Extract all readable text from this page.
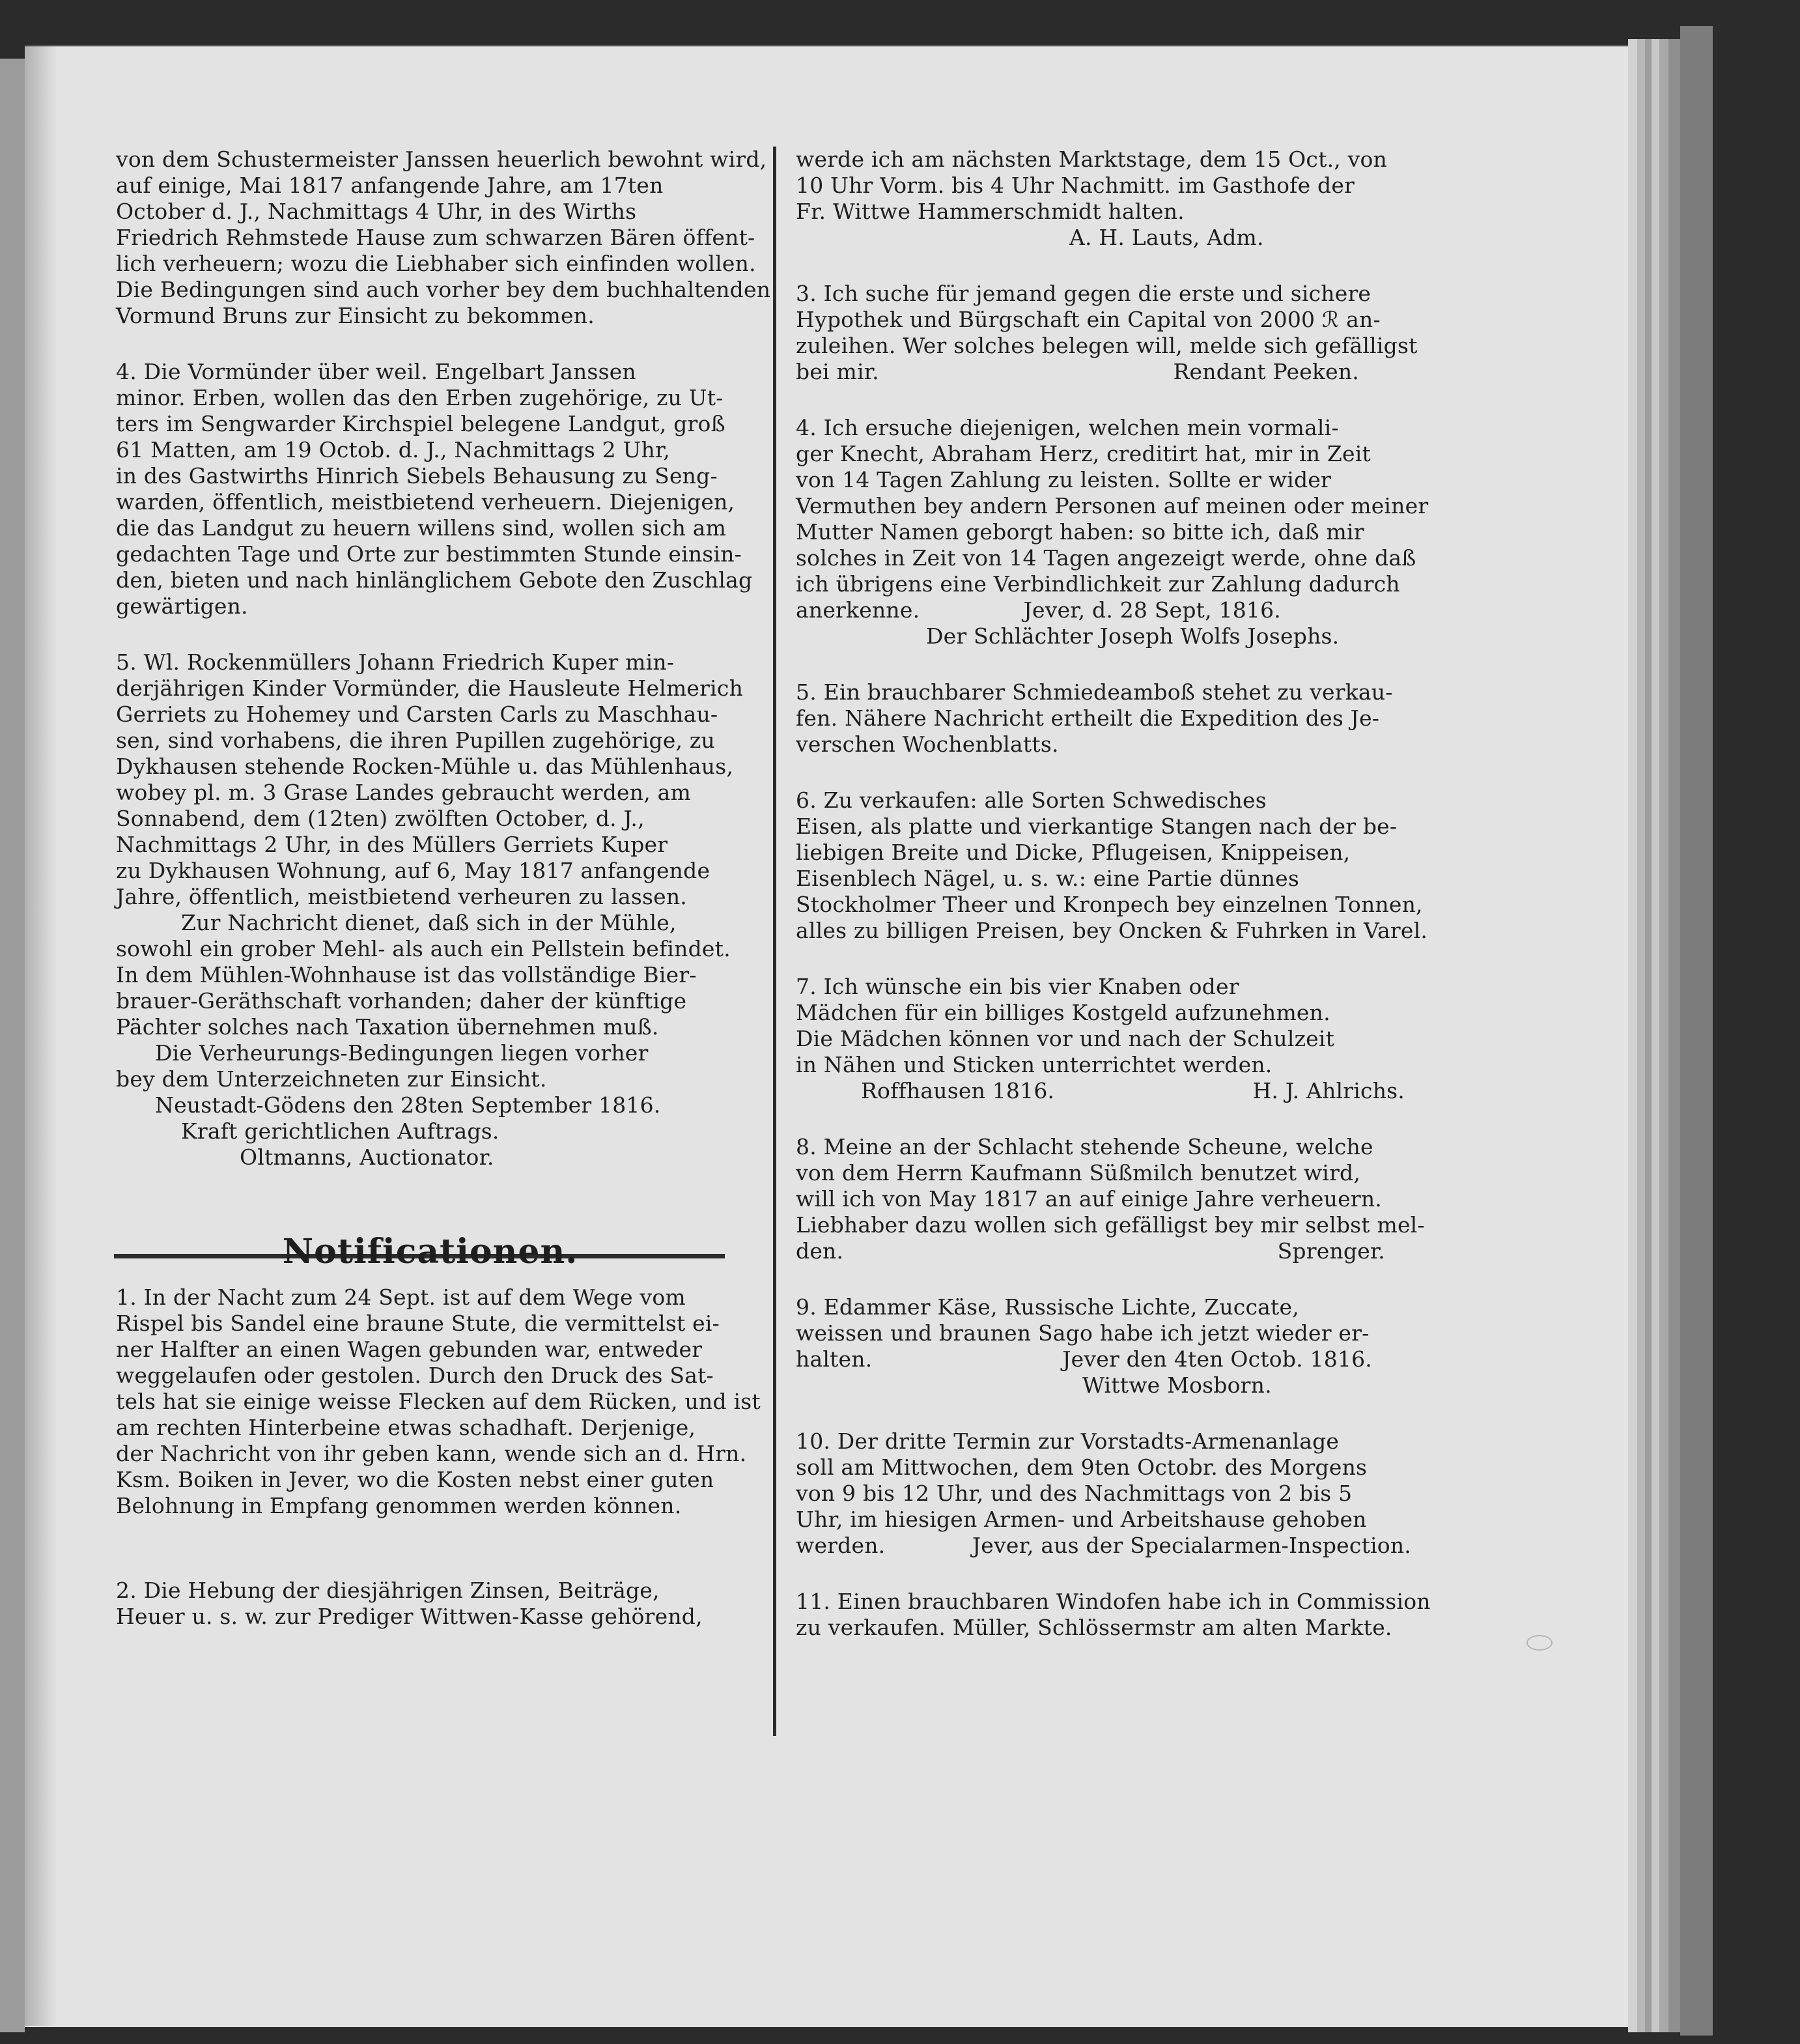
von dem Schustermeister Janssen heuerlich bewohnt wird,

auf einige, Mai 1817 anfangende Jahre, am 17ten

October d. J., Nachmittags 4 Uhr, in des Wirths

Friedrich Rehmstede Hause zum schwarzen Bären öffent-

lich verheuern; wozu die Liebhaber sich einfinden wollen.

Die Bedingungen sind auch vorher bey dem buchhaltenden

Vormund Bruns zur Einsicht zu bekommen.

4. Die Vormünder über weil. Engelbart Janssen

minor. Erben, wollen das den Erben zugehörige, zu Ut-

ters im Sengwarder Kirchspiel belegene Landgut, groß

61 Matten, am 19 Octob. d. J., Nachmittags 2 Uhr,

in des Gastwirths Hinrich Siebels Behausung zu Seng-

warden, öffentlich, meistbietend verheuern. Diejenigen,

die das Landgut zu heuern willens sind, wollen sich am

gedachten Tage und Orte zur bestimmten Stunde einsin-

den, bieten und nach hinlänglichem Gebote den Zuschlag

gewärtigen.

5. Wl. Rockenmüllers Johann Friedrich Kuper min-

derjährigen Kinder Vormünder, die Hausleute Helmerich

Gerriets zu Hohemey und Carsten Carls zu Maschhau-

sen, sind vorhabens, die ihren Pupillen zugehörige, zu

Dykhausen stehende Rocken-Mühle u. das Mühlenhaus,

wobey pl. m. 3 Grase Landes gebraucht werden, am

Sonnabend, dem (12ten) zwölften October, d. J.,

Nachmittags 2 Uhr, in des Müllers Gerriets Kuper

zu Dykhausen Wohnung, auf 6, May 1817 anfangende

Jahre, öffentlich, meistbietend verheuren zu lassen.

Zur Nachricht dienet, daß sich in der Mühle,

sowohl ein grober Mehl- als auch ein Pellstein befindet.

In dem Mühlen-Wohnhause ist das vollständige Bier-

brauer-Geräthschaft vorhanden; daher der künftige

Pächter solches nach Taxation übernehmen muß.

Die Verheurungs-Bedingungen liegen vorher

bey dem Unterzeichneten zur Einsicht.

Neustadt-Gödens den 28ten September 1816.

Kraft gerichtlichen Auftrags.

Oltmanns, Auctionator.

Notificationen.

1. In der Nacht zum 24 Sept. ist auf dem Wege vom

Rispel bis Sandel eine braune Stute, die vermittelst ei-

ner Halfter an einen Wagen gebunden war, entweder

weggelaufen oder gestolen. Durch den Druck des Sat-

tels hat sie einige weisse Flecken auf dem Rücken, und ist

am rechten Hinterbeine etwas schadhaft. Derjenige,

der Nachricht von ihr geben kann, wende sich an d. Hrn.

Ksm. Boiken in Jever, wo die Kosten nebst einer guten

Belohnung in Empfang genommen werden können.

2. Die Hebung der diesjährigen Zinsen, Beiträge,

Heuer u. s. w. zur Prediger Wittwen-Kasse gehörend,

werde ich am nächsten Marktstage, dem 15 Oct., von

10 Uhr Vorm. bis 4 Uhr Nachmitt. im Gasthofe der

Fr. Wittwe Hammerschmidt halten.

A. H. Lauts, Adm.

3. Ich suche für jemand gegen die erste und sichere

Hypothek und Bürgschaft ein Capital von 2000 ℛ an-

zuleihen. Wer solches belegen will, melde sich gefälligst

bei mir.	Rendant Peeken.

4. Ich ersuche diejenigen, welchen mein vormali-

ger Knecht, Abraham Herz, creditirt hat, mir in Zeit

von 14 Tagen Zahlung zu leisten. Sollte er wider

Vermuthen bey andern Personen auf meinen oder meiner

Mutter Namen geborgt haben: so bitte ich, daß mir

solches in Zeit von 14 Tagen angezeigt werde, ohne daß

ich übrigens eine Verbindlichkeit zur Zahlung dadurch

anerkenne.	Jever, d. 28 Sept, 1816.

Der Schlächter Joseph Wolfs Josephs.

5. Ein brauchbarer Schmiedeamboß stehet zu verkau-

fen. Nähere Nachricht ertheilt die Expedition des Je-

verschen Wochenblatts.

6. Zu verkaufen: alle Sorten Schwedisches

Eisen, als platte und vierkantige Stangen nach der be-

liebigen Breite und Dicke, Pflugeisen, Knippeisen,

Eisenblech Nägel, u. s. w.: eine Partie dünnes

Stockholmer Theer und Kronpech bey einzelnen Tonnen,

alles zu billigen Preisen, bey Oncken & Fuhrken in Varel.

7. Ich wünsche ein bis vier Knaben oder

Mädchen für ein billiges Kostgeld aufzunehmen.

Die Mädchen können vor und nach der Schulzeit

in Nähen und Sticken unterrichtet werden.

Roffhausen 1816.	H. J. Ahlrichs.

8. Meine an der Schlacht stehende Scheune, welche

von dem Herrn Kaufmann Süßmilch benutzet wird,

will ich von May 1817 an auf einige Jahre verheuern.

Liebhaber dazu wollen sich gefälligst bey mir selbst mel-

den.	Sprenger.

9. Edammer Käse, Russische Lichte, Zuccate,

weissen und braunen Sago habe ich jetzt wieder er-

halten.	Jever den 4ten Octob. 1816.

Wittwe Mosborn.

10. Der dritte Termin zur Vorstadts-Armenanlage

soll am Mittwochen, dem 9ten Octobr. des Morgens

von 9 bis 12 Uhr, und des Nachmittags von 2 bis 5

Uhr, im hiesigen Armen- und Arbeitshause gehoben

werden.	Jever, aus der Specialarmen-Inspection.

11. Einen brauchbaren Windofen habe ich in Commission

zu verkaufen. Müller, Schlössermstr am alten Markte.
